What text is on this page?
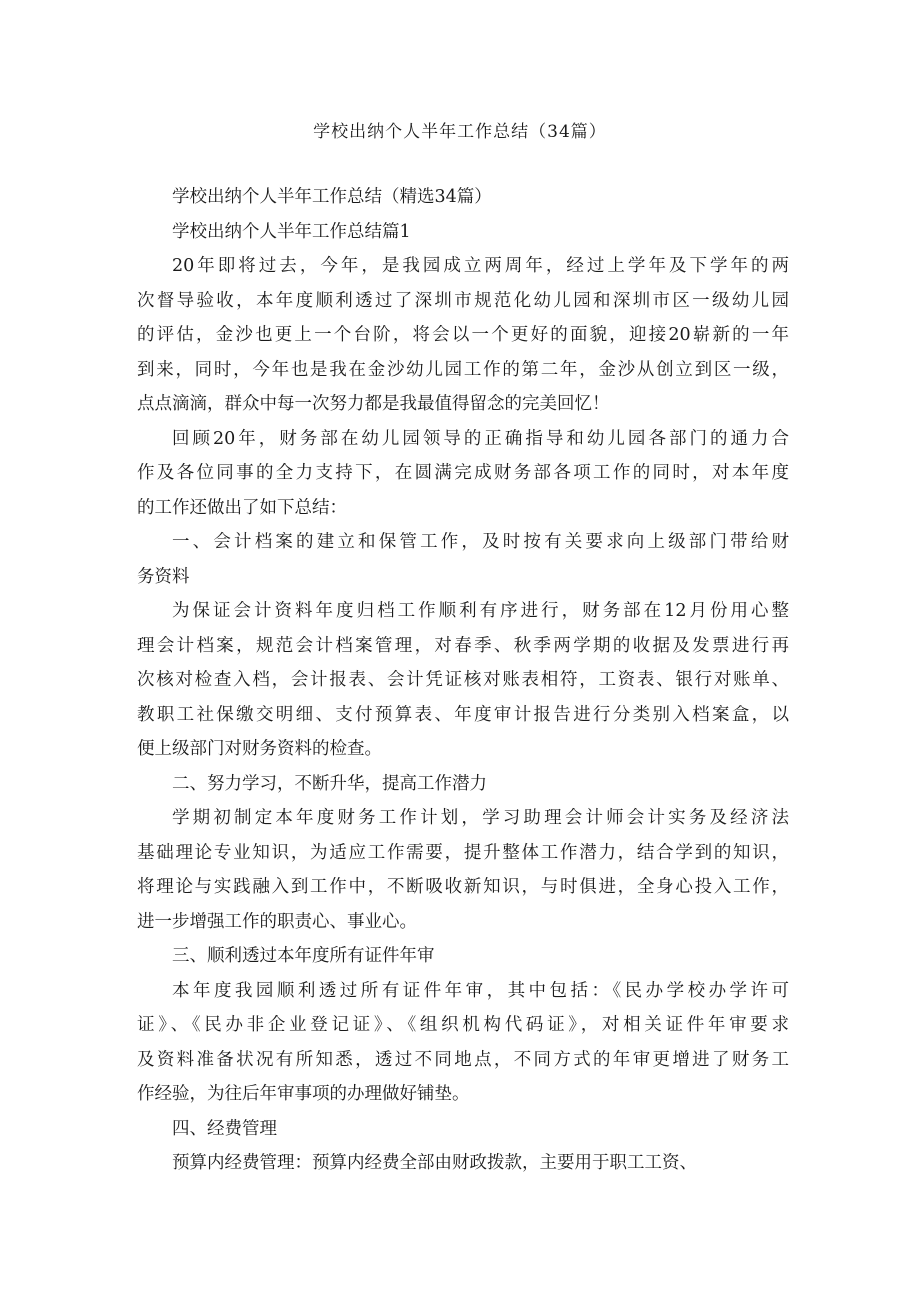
学校出纳个人半年工作总结（34篇）
学校出纳个人半年工作总结（精选34篇）
学校出纳个人半年工作总结篇1
20年即将过去，今年，是我园成立两周年，经过上学年及下学年的两
次督导验收，本年度顺利透过了深圳市规范化幼儿园和深圳市区一级幼儿园
的评估，金沙也更上一个台阶，将会以一个更好的面貌，迎接20崭新的一年
到来，同时，今年也是我在金沙幼儿园工作的第二年，金沙从创立到区一级，
点点滴滴，群众中每一次努力都是我最值得留念的完美回忆！
回顾20年，财务部在幼儿园领导的正确指导和幼儿园各部门的通力合
作及各位同事的全力支持下，在圆满完成财务部各项工作的同时，对本年度
的工作还做出了如下总结：
一、会计档案的建立和保管工作，及时按有关要求向上级部门带给财
务资料
为保证会计资料年度归档工作顺利有序进行，财务部在12月份用心整
理会计档案，规范会计档案管理，对春季、秋季两学期的收据及发票进行再
次核对检查入档，会计报表、会计凭证核对账表相符，工资表、银行对账单、
教职工社保缴交明细、支付预算表、年度审计报告进行分类别入档案盒，以
便上级部门对财务资料的检查。
二、努力学习，不断升华，提高工作潜力
学期初制定本年度财务工作计划，学习助理会计师会计实务及经济法
基础理论专业知识，为适应工作需要，提升整体工作潜力，结合学到的知识，
将理论与实践融入到工作中，不断吸收新知识，与时俱进，全身心投入工作，
进一步增强工作的职责心、事业心。
三、顺利透过本年度所有证件年审
本年度我园顺利透过所有证件年审，其中包括：《民办学校办学许可
证》、《民办非企业登记证》、《组织机构代码证》，对相关证件年审要求
及资料准备状况有所知悉，透过不同地点，不同方式的年审更增进了财务工
作经验，为往后年审事项的办理做好铺垫。
四、经费管理
预算内经费管理：预算内经费全部由财政拨款，主要用于职工工资、
